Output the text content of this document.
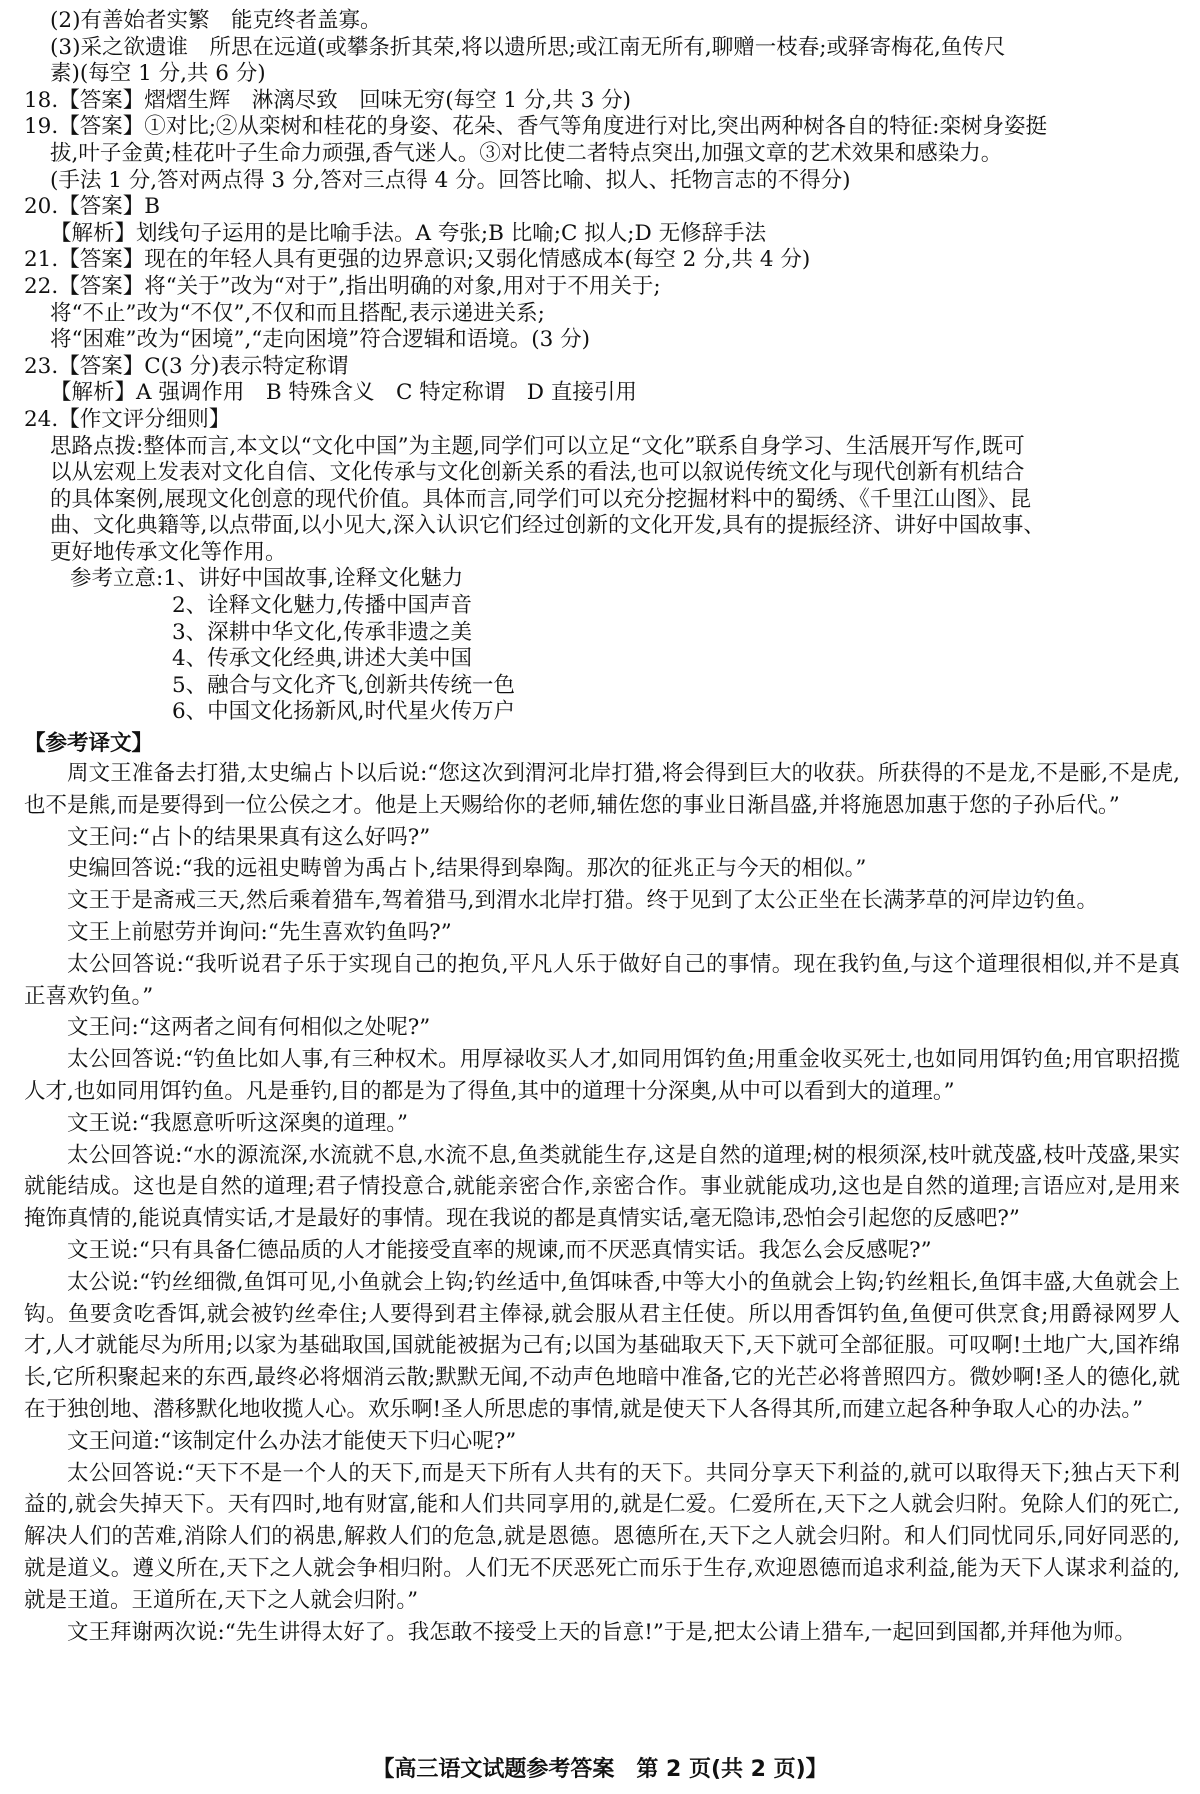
(2)有善始者实繁　能克终者盖寡。

(3)采之欲遗谁　所思在远道(或攀条折其荣,将以遗所思;或江南无所有,聊赠一枝春;或驿寄梅花,鱼传尺

素)(每空 1 分,共 6 分)

18.【答案】熠熠生辉　淋漓尽致　回味无穷(每空 1 分,共 3 分)

19.【答案】①对比;②从栾树和桂花的身姿、花朵、香气等角度进行对比,突出两种树各自的特征:栾树身姿挺

拔,叶子金黄;桂花叶子生命力顽强,香气迷人。③对比使二者特点突出,加强文章的艺术效果和感染力。

(手法 1 分,答对两点得 3 分,答对三点得 4 分。回答比喻、拟人、托物言志的不得分)

20.【答案】B

【解析】划线句子运用的是比喻手法。A 夸张;B 比喻;C 拟人;D 无修辞手法

21.【答案】现在的年轻人具有更强的边界意识;又弱化情感成本(每空 2 分,共 4 分)

22.【答案】将“关于”改为“对于”,指出明确的对象,用对于不用关于;

将“不止”改为“不仅”,不仅和而且搭配,表示递进关系;

将“困难”改为“困境”,“走向困境”符合逻辑和语境。(3 分)

23.【答案】C(3 分)表示特定称谓

【解析】A 强调作用　B 特殊含义　C 特定称谓　D 直接引用

24.【作文评分细则】

思路点拨:整体而言,本文以“文化中国”为主题,同学们可以立足“文化”联系自身学习、生活展开写作,既可

以从宏观上发表对文化自信、文化传承与文化创新关系的看法,也可以叙说传统文化与现代创新有机结合

的具体案例,展现文化创意的现代价值。具体而言,同学们可以充分挖掘材料中的蜀绣、《千里江山图》、昆

曲、文化典籍等,以点带面,以小见大,深入认识它们经过创新的文化开发,具有的提振经济、讲好中国故事、

更好地传承文化等作用。

参考立意:1、讲好中国故事,诠释文化魅力

2、诠释文化魅力,传播中国声音

3、深耕中华文化,传承非遗之美

4、传承文化经典,讲述大美中国

5、融合与文化齐飞,创新共传统一色

6、中国文化扬新风,时代星火传万户

【参考译文】

周文王准备去打猎,太史编占卜以后说:“您这次到渭河北岸打猎,将会得到巨大的收获。所获得的不是龙,不是彨,不是虎,也不是熊,而是要得到一位公侯之才。他是上天赐给你的老师,辅佐您的事业日渐昌盛,并将施恩加惠于您的子孙后代。”

文王问:“占卜的结果果真有这么好吗?”

史编回答说:“我的远祖史畴曾为禹占卜,结果得到皋陶。那次的征兆正与今天的相似。”

文王于是斋戒三天,然后乘着猎车,驾着猎马,到渭水北岸打猎。终于见到了太公正坐在长满茅草的河岸边钓鱼。

文王上前慰劳并询问:“先生喜欢钓鱼吗?”

太公回答说:“我听说君子乐于实现自己的抱负,平凡人乐于做好自己的事情。现在我钓鱼,与这个道理很相似,并不是真正喜欢钓鱼。”

文王问:“这两者之间有何相似之处呢?”

太公回答说:“钓鱼比如人事,有三种权术。用厚禄收买人才,如同用饵钓鱼;用重金收买死士,也如同用饵钓鱼;用官职招揽人才,也如同用饵钓鱼。凡是垂钓,目的都是为了得鱼,其中的道理十分深奥,从中可以看到大的道理。”

文王说:“我愿意听听这深奥的道理。”

太公回答说:“水的源流深,水流就不息,水流不息,鱼类就能生存,这是自然的道理;树的根须深,枝叶就茂盛,枝叶茂盛,果实就能结成。这也是自然的道理;君子情投意合,就能亲密合作,亲密合作。事业就能成功,这也是自然的道理;言语应对,是用来掩饰真情的,能说真情实话,才是最好的事情。现在我说的都是真情实话,毫无隐讳,恐怕会引起您的反感吧?”

文王说:“只有具备仁德品质的人才能接受直率的规谏,而不厌恶真情实话。我怎么会反感呢?”

太公说:“钓丝细微,鱼饵可见,小鱼就会上钩;钓丝适中,鱼饵味香,中等大小的鱼就会上钩;钓丝粗长,鱼饵丰盛,大鱼就会上钩。鱼要贪吃香饵,就会被钓丝牵住;人要得到君主俸禄,就会服从君主任使。所以用香饵钓鱼,鱼便可供烹食;用爵禄网罗人才,人才就能尽为所用;以家为基础取国,国就能被据为己有;以国为基础取天下,天下就可全部征服。可叹啊!土地广大,国祚绵长,它所积聚起来的东西,最终必将烟消云散;默默无闻,不动声色地暗中准备,它的光芒必将普照四方。微妙啊!圣人的德化,就在于独创地、潜移默化地收揽人心。欢乐啊!圣人所思虑的事情,就是使天下人各得其所,而建立起各种争取人心的办法。”

文王问道:“该制定什么办法才能使天下归心呢?”

太公回答说:“天下不是一个人的天下,而是天下所有人共有的天下。共同分享天下利益的,就可以取得天下;独占天下利益的,就会失掉天下。天有四时,地有财富,能和人们共同享用的,就是仁爱。仁爱所在,天下之人就会归附。免除人们的死亡,解决人们的苦难,消除人们的祸患,解救人们的危急,就是恩德。恩德所在,天下之人就会归附。和人们同忧同乐,同好同恶的,就是道义。遵义所在,天下之人就会争相归附。人们无不厌恶死亡而乐于生存,欢迎恩德而追求利益,能为天下人谋求利益的,就是王道。王道所在,天下之人就会归附。”

文王拜谢两次说:“先生讲得太好了。我怎敢不接受上天的旨意!”于是,把太公请上猎车,一起回到国都,并拜他为师。

【高三语文试题参考答案　第 2 页(共 2 页)】
